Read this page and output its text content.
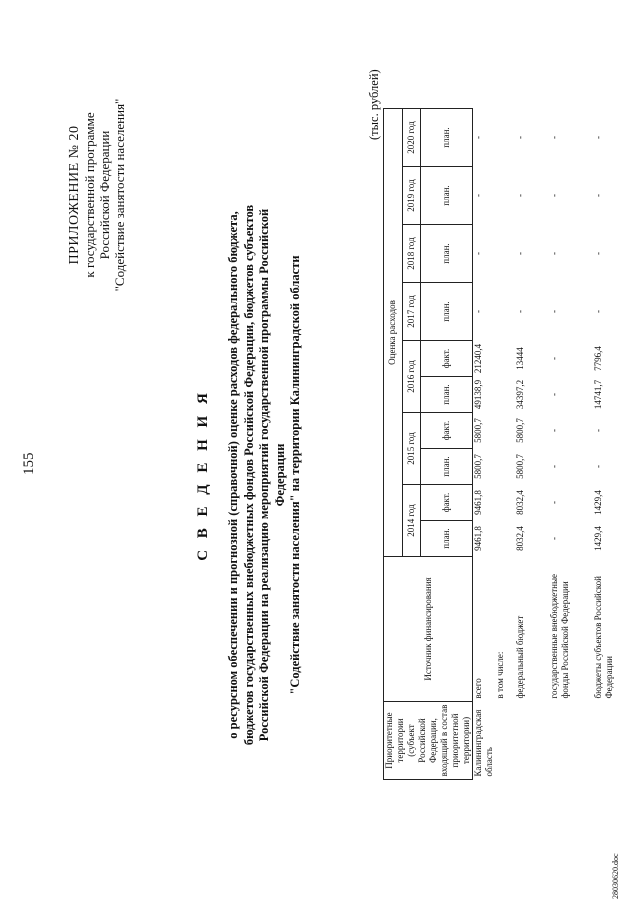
155
ПРИЛОЖЕНИЕ № 20 к государственной программе Российской Федерации "Содействие занятости населения"
С В Е Д Е Н И Я о ресурсном обеспечении и прогнозной (справочной) оценке расходов федерального бюджета, бюджетов государственных внебюджетных фондов Российской Федерации, бюджетов субъектов Российской Федерации на реализацию мероприятий государственной программы Российской Федерации "Содействие занятости населения" на территории Калининградской области
(тыс. рублей)
Приоритетные территории (субъект Российской Федерации, входящий в состав приоритетной территории)	Источник финансирования	Оценка расходов									
		2014 год		2015 год		2016 год		2017 год	2018 год	2019 год	2020 год
		план.	факт.	план.	факт.	план.	факт.	план.	план.	план.	план.
Калининградская область	всего	9461,8	9461,8	5800,7	5800,7	49138,9	21240,4	-	-	-	-
	в том числе:										
	федеральный бюджет	8032,4	8032,4	5800,7	5800,7	34397,2	13444	-	-	-	-
	государственные внебюджетные фонды Российской Федерации	-	-	-	-	-	-	-	-	-	-
	бюджеты субъектов Российской Федерации	1429,4	1429,4	-	-	14741,7	7796,4	-	-	-	-
28030620.doc
